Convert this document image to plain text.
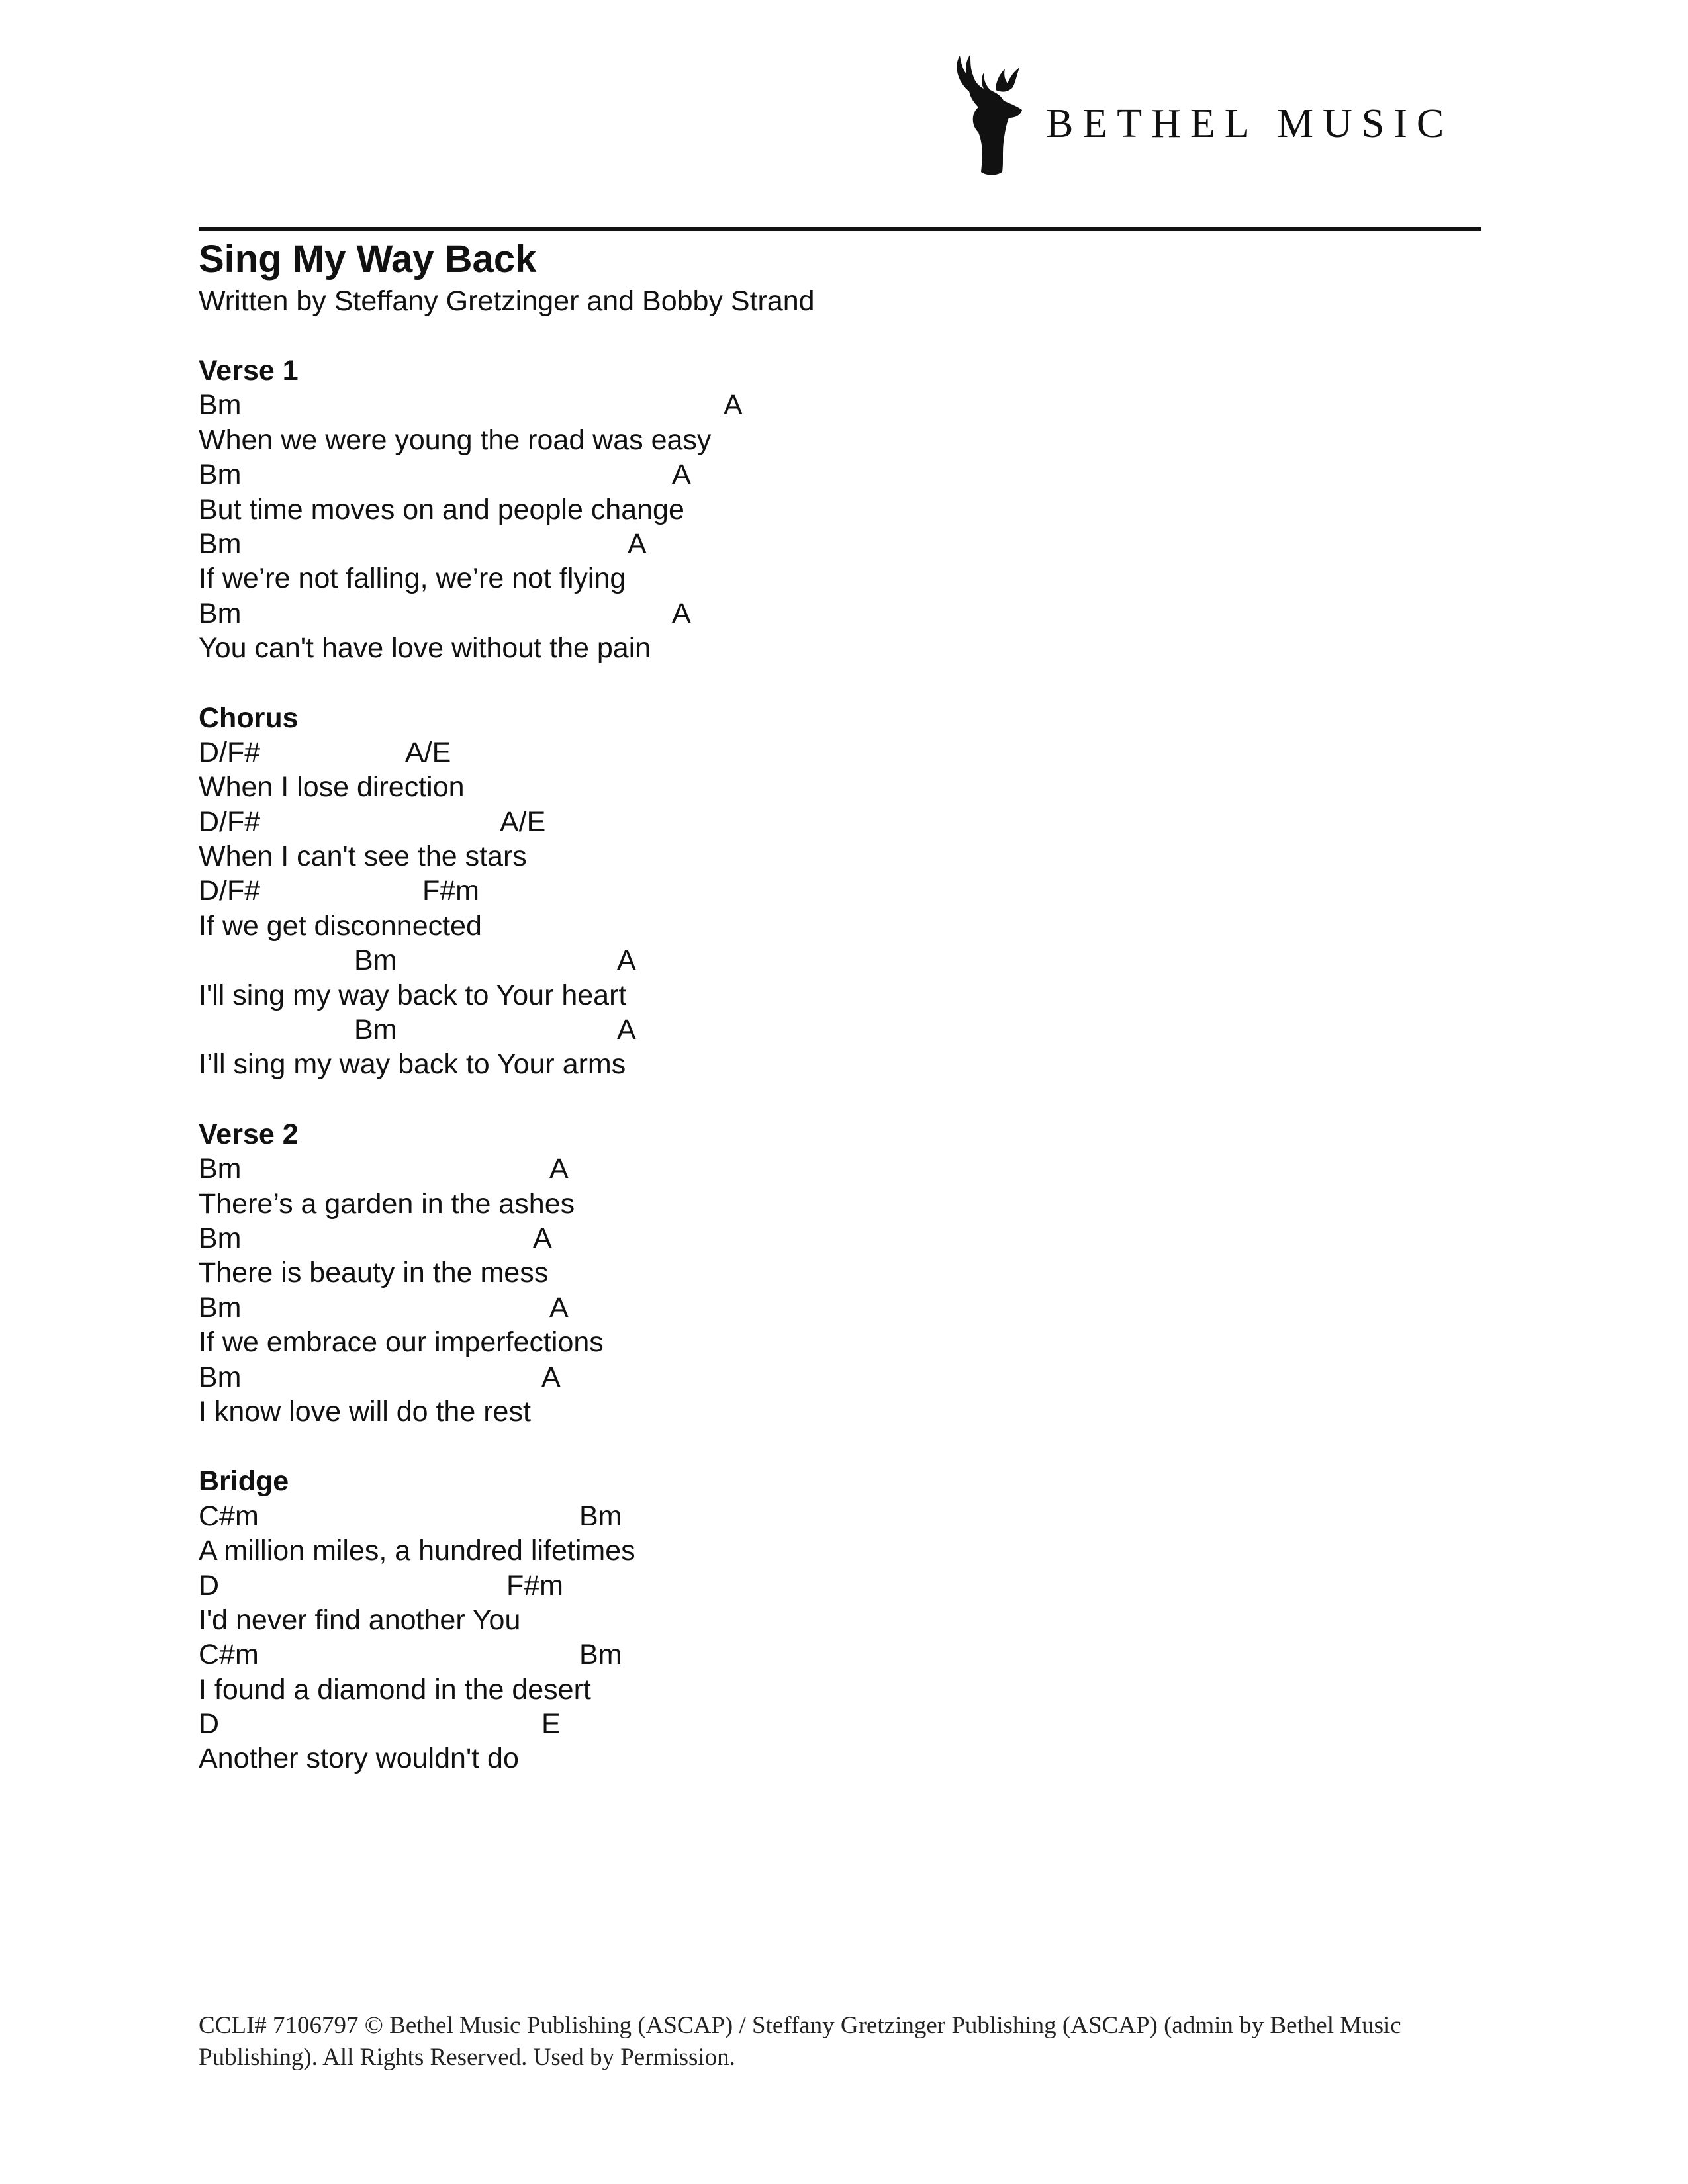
BETHEL MUSIC
Sing My Way Back
Written by Steffany Gretzinger and Bobby Strand
Verse 1
Bm	A
When we were young the road was easy
Bm	A
But time moves on and people change
Bm	A
If we’re not falling, we’re not flying
Bm	A
You can't have love without the pain
Chorus
D/F#	A/E
When I lose direction
D/F#	A/E
When I can't see the stars
D/F#	F#m
If we get disconnected
Bm	A
I'll sing my way back to Your heart
Bm	A
I’ll sing my way back to Your arms
Verse 2
Bm	A
There’s a garden in the ashes
Bm	A
There is beauty in the mess
Bm	A
If we embrace our imperfections
Bm	A
I know love will do the rest
Bridge
C#m	Bm
A million miles, a hundred lifetimes
D	F#m
I'd never find another You
C#m	Bm
I found a diamond in the desert
D	E
Another story wouldn't do
CCLI# 7106797 © Bethel Music Publishing (ASCAP) / Steffany Gretzinger Publishing (ASCAP) (admin by Bethel Music Publishing). All Rights Reserved. Used by Permission.
